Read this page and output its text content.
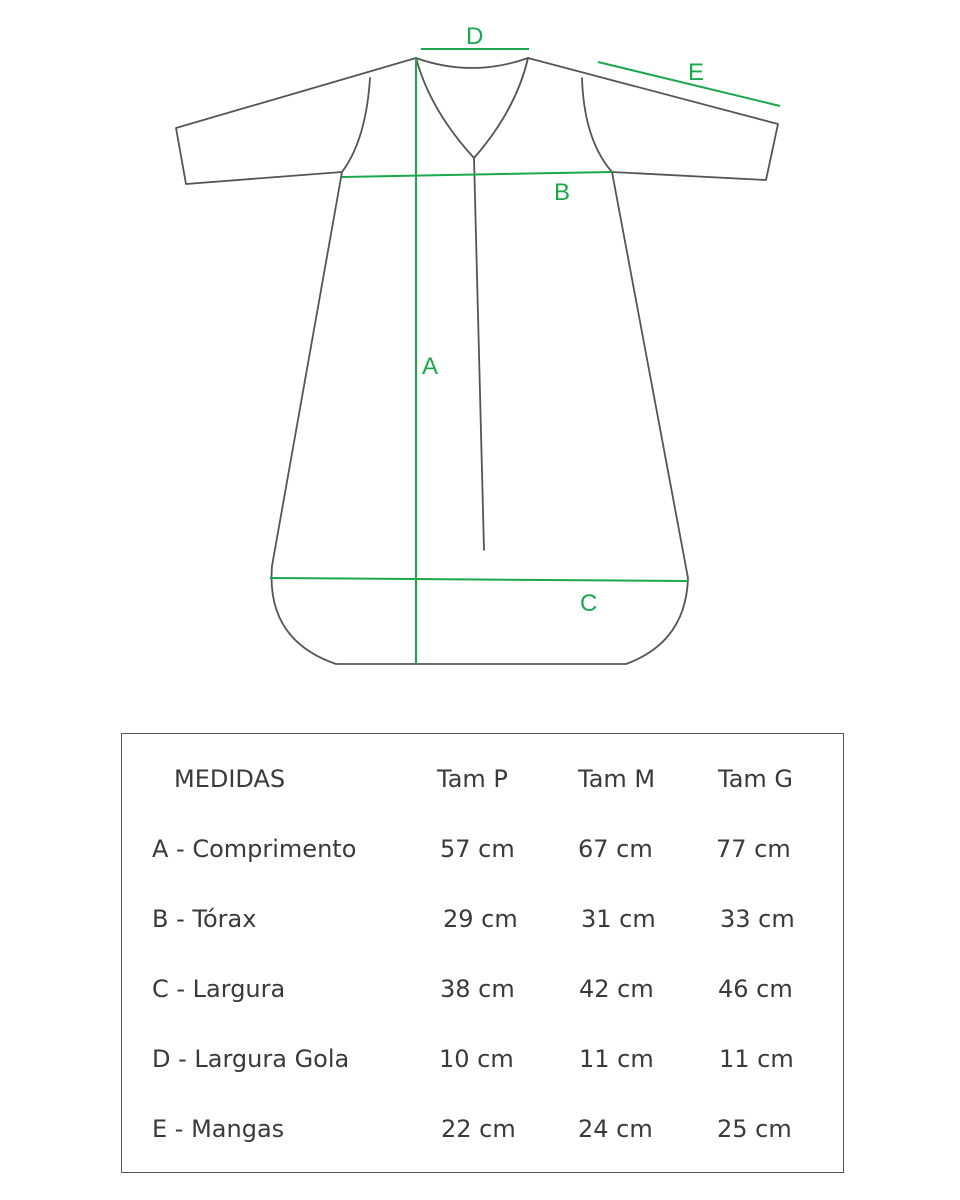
A
B
C
D
E
MEDIDAS	Tam P	Tam M	Tam G
A - Comprimento	57 cm	67 cm	77 cm
B - Tórax	29 cm	31 cm	33 cm
C - Largura	38 cm	42 cm	46 cm
D - Largura Gola	10 cm	11 cm	11 cm
E - Mangas	22 cm	24 cm	25 cm
